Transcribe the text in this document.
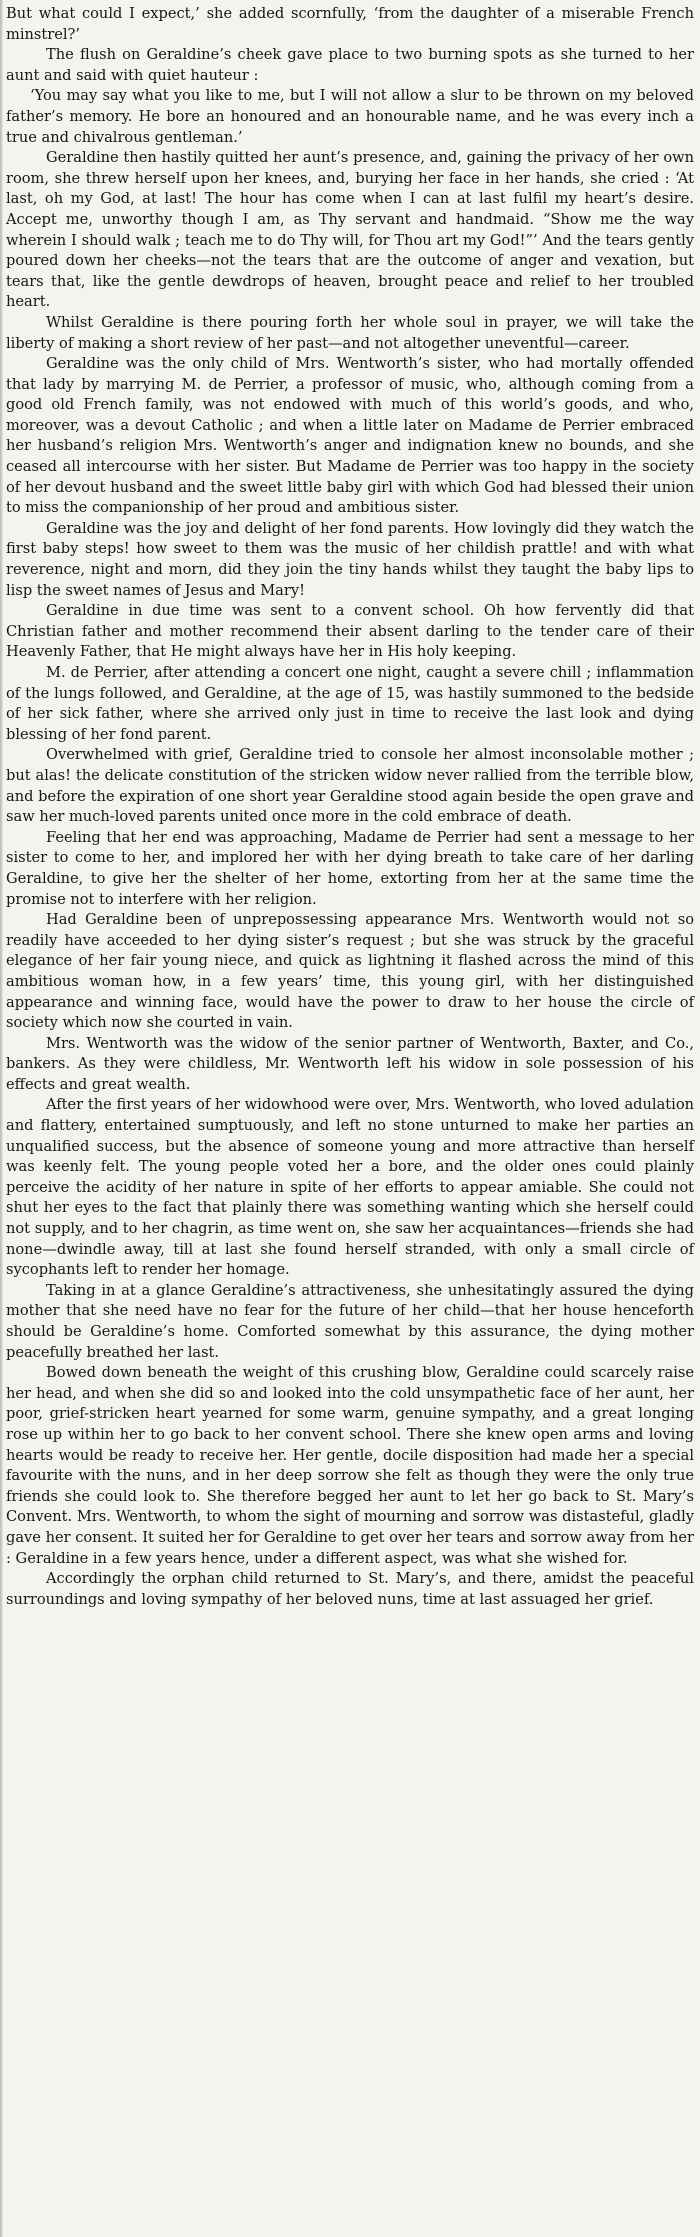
But what could I expect,’ she added scornfully, ‘from the daughter of a miserable French minstrel?’

The flush on Geraldine’s cheek gave place to two burning spots as she turned to her aunt and said with quiet hauteur :

‘You may say what you like to me, but I will not allow a slur to be thrown on my beloved father’s memory. He bore an honoured and an honourable name, and he was every inch a true and chivalrous gentleman.’

Geraldine then hastily quitted her aunt’s presence, and, gaining the privacy of her own room, she threw herself upon her knees, and, burying her face in her hands, she cried : ‘At last, oh my God, at last! The hour has come when I can at last fulfil my heart’s desire. Accept me, unworthy though I am, as Thy servant and handmaid. “Show me the way wherein I should walk ; teach me to do Thy will, for Thou art my God!”’ And the tears gently poured down her cheeks—not the tears that are the outcome of anger and vexation, but tears that, like the gentle dewdrops of heaven, brought peace and relief to her troubled heart.

Whilst Geraldine is there pouring forth her whole soul in prayer, we will take the liberty of making a short review of her past—and not altogether uneventful—career.

Geraldine was the only child of Mrs. Wentworth’s sister, who had mortally offended that lady by marrying M. de Perrier, a professor of music, who, although coming from a good old French family, was not endowed with much of this world’s goods, and who, moreover, was a devout Catholic ; and when a little later on Madame de Perrier embraced her husband’s religion Mrs. Wentworth’s anger and indignation knew no bounds, and she ceased all intercourse with her sister. But Madame de Perrier was too happy in the society of her devout husband and the sweet little baby girl with which God had blessed their union to miss the companionship of her proud and ambitious sister.

Geraldine was the joy and delight of her fond parents. How lovingly did they watch the first baby steps! how sweet to them was the music of her childish prattle! and with what reverence, night and morn, did they join the tiny hands whilst they taught the baby lips to lisp the sweet names of Jesus and Mary!

Geraldine in due time was sent to a convent school. Oh how fervently did that Christian father and mother recommend their absent darling to the tender care of their Heavenly Father, that He might always have her in His holy keeping.

M. de Perrier, after attending a concert one night, caught a severe chill ; inflammation of the lungs followed, and Geraldine, at the age of 15, was hastily summoned to the bedside of her sick father, where she arrived only just in time to receive the last look and dying blessing of her fond parent.

Overwhelmed with grief, Geraldine tried to console her almost inconsolable mother ; but alas! the delicate constitution of the stricken widow never rallied from the terrible blow, and before the expiration of one short year Geraldine stood again beside the open grave and saw her much-loved parents united once more in the cold embrace of death.

Feeling that her end was approaching, Madame de Perrier had sent a message to her sister to come to her, and implored her with her dying breath to take care of her darling Geraldine, to give her the shelter of her home, extorting from her at the same time the promise not to interfere with her religion.

Had Geraldine been of unprepossessing appearance Mrs. Wentworth would not so readily have acceeded to her dying sister’s request ; but she was struck by the graceful elegance of her fair young niece, and quick as lightning it flashed across the mind of this ambitious woman how, in a few years’ time, this young girl, with her distinguished appearance and winning face, would have the power to draw to her house the circle of society which now she courted in vain.

Mrs. Wentworth was the widow of the senior partner of Wentworth, Baxter, and Co., bankers. As they were childless, Mr. Wentworth left his widow in sole possession of his effects and great wealth.

After the first years of her widowhood were over, Mrs. Wentworth, who loved adulation and flattery, entertained sumptuously, and left no stone unturned to make her parties an unqualified success, but the absence of someone young and more attractive than herself was keenly felt. The young people voted her a bore, and the older ones could plainly perceive the acidity of her nature in spite of her efforts to appear amiable. She could not shut her eyes to the fact that plainly there was something wanting which she herself could not supply, and to her chagrin, as time went on, she saw her acquaintances—friends she had none—dwindle away, till at last she found herself stranded, with only a small circle of sycophants left to render her homage.

Taking in at a glance Geraldine’s attractiveness, she unhesitatingly assured the dying mother that she need have no fear for the future of her child—that her house henceforth should be Geraldine’s home. Comforted somewhat by this assurance, the dying mother peacefully breathed her last.

Bowed down beneath the weight of this crushing blow, Geraldine could scarcely raise her head, and when she did so and looked into the cold unsympathetic face of her aunt, her poor, grief-stricken heart yearned for some warm, genuine sympathy, and a great longing rose up within her to go back to her convent school. There she knew open arms and loving hearts would be ready to receive her. Her gentle, docile disposition had made her a special favourite with the nuns, and in her deep sorrow she felt as though they were the only true friends she could look to. She therefore begged her aunt to let her go back to St. Mary’s Convent. Mrs. Wentworth, to whom the sight of mourning and sorrow was distasteful, gladly gave her consent. It suited her for Geraldine to get over her tears and sorrow away from her : Geraldine in a few years hence, under a different aspect, was what she wished for.

Accordingly the orphan child returned to St. Mary’s, and there, amidst the peaceful surroundings and loving sympathy of her beloved nuns, time at last assuaged her grief.
